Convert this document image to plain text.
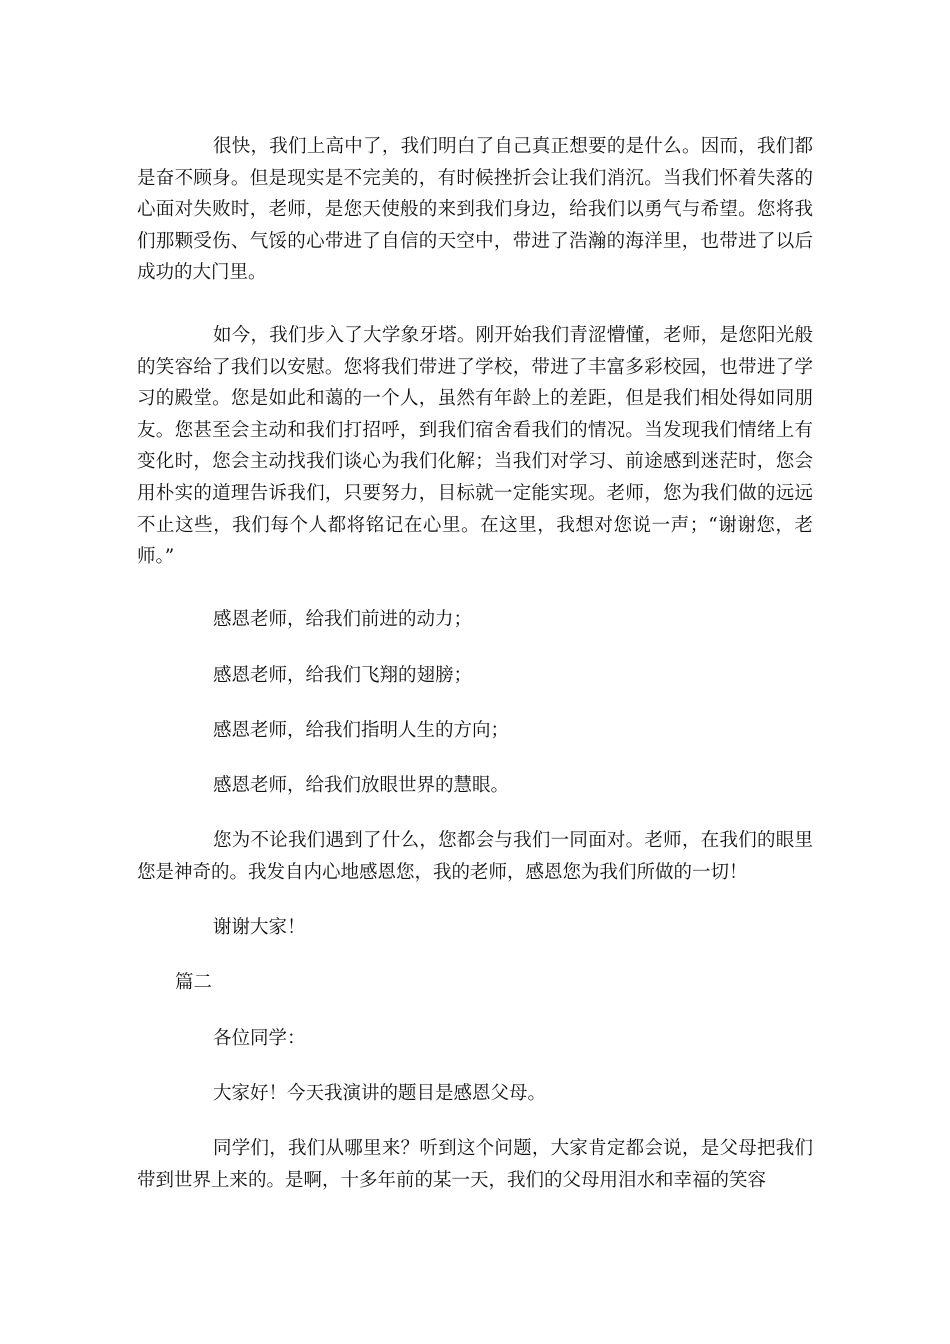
很快，我们上高中了，我们明白了自己真正想要的是什么。因而，我们都是奋不顾身。但是现实是不完美的，有时候挫折会让我们消沉。当我们怀着失落的心面对失败时，老师，是您天使般的来到我们身边，给我们以勇气与希望。您将我们那颗受伤、气馁的心带进了自信的天空中，带进了浩瀚的海洋里，也带进了以后成功的大门里。

如今，我们步入了大学象牙塔。刚开始我们青涩懵懂，老师，是您阳光般的笑容给了我们以安慰。您将我们带进了学校，带进了丰富多彩校园，也带进了学习的殿堂。您是如此和蔼的一个人，虽然有年龄上的差距，但是我们相处得如同朋友。您甚至会主动和我们打招呼，到我们宿舍看我们的情况。当发现我们情绪上有变化时，您会主动找我们谈心为我们化解；当我们对学习、前途感到迷茫时，您会用朴实的道理告诉我们，只要努力，目标就一定能实现。老师，您为我们做的远远不止这些，我们每个人都将铭记在心里。在这里，我想对您说一声；“谢谢您，老师。”

感恩老师，给我们前进的动力；

感恩老师，给我们飞翔的翅膀；

感恩老师，给我们指明人生的方向；

感恩老师，给我们放眼世界的慧眼。

您为不论我们遇到了什么，您都会与我们一同面对。老师，在我们的眼里您是神奇的。我发自内心地感恩您，我的老师，感恩您为我们所做的一切！

谢谢大家！

篇二

各位同学：

大家好！今天我演讲的题目是感恩父母。

同学们，我们从哪里来？听到这个问题，大家肯定都会说，是父母把我们带到世界上来的。是啊，十多年前的某一天，我们的父母用泪水和幸福的笑容
